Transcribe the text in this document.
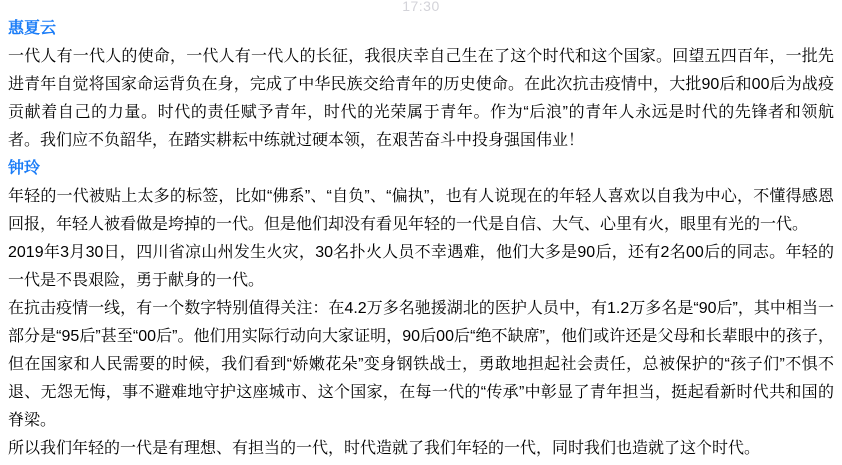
17:30
惠夏云
一代人有一代人的使命，一代人有一代人的长征，我很庆幸自己生在了这个时代和这个国家。回望五四百年，一批先进青年自觉将国家命运背负在身，完成了中华民族交给青年的历史使命。在此次抗击疫情中，大批90后和00后为战疫贡献着自己的力量。时代的责任赋予青年，时代的光荣属于青年。作为“后浪”的青年人永远是时代的先锋者和领航者。我们应不负韶华，在踏实耕耘中练就过硬本领，在艰苦奋斗中投身强国伟业！
钟玲
年轻的一代被贴上太多的标签，比如“佛系”、“自负”、“偏执”，也有人说现在的年轻人喜欢以自我为中心，不懂得感恩回报，年轻人被看做是垮掉的一代。但是他们却没有看见年轻的一代是自信、大气、心里有火，眼里有光的一代。
2019年3月30日，四川省凉山州发生火灾，30名扑火人员不幸遇难，他们大多是90后，还有2名00后的同志。年轻的一代是不畏艰险，勇于献身的一代。
在抗击疫情一线，有一个数字特别值得关注：在4.2万多名驰援湖北的医护人员中，有1.2万多名是“90后”，其中相当一部分是“95后”甚至“00后”。他们用实际行动向大家证明，90后00后“绝不缺席”，他们或许还是父母和长辈眼中的孩子，但在国家和人民需要的时候，我们看到“娇嫩花朵”变身钢铁战士，勇敢地担起社会责任，总被保护的“孩子们”不惧不退、无怨无悔，事不避难地守护这座城市、这个国家，在每一代的“传承”中彰显了青年担当，挺起看新时代共和国的脊梁。
所以我们年轻的一代是有理想、有担当的一代，时代造就了我们年轻的一代，同时我们也造就了这个时代。
